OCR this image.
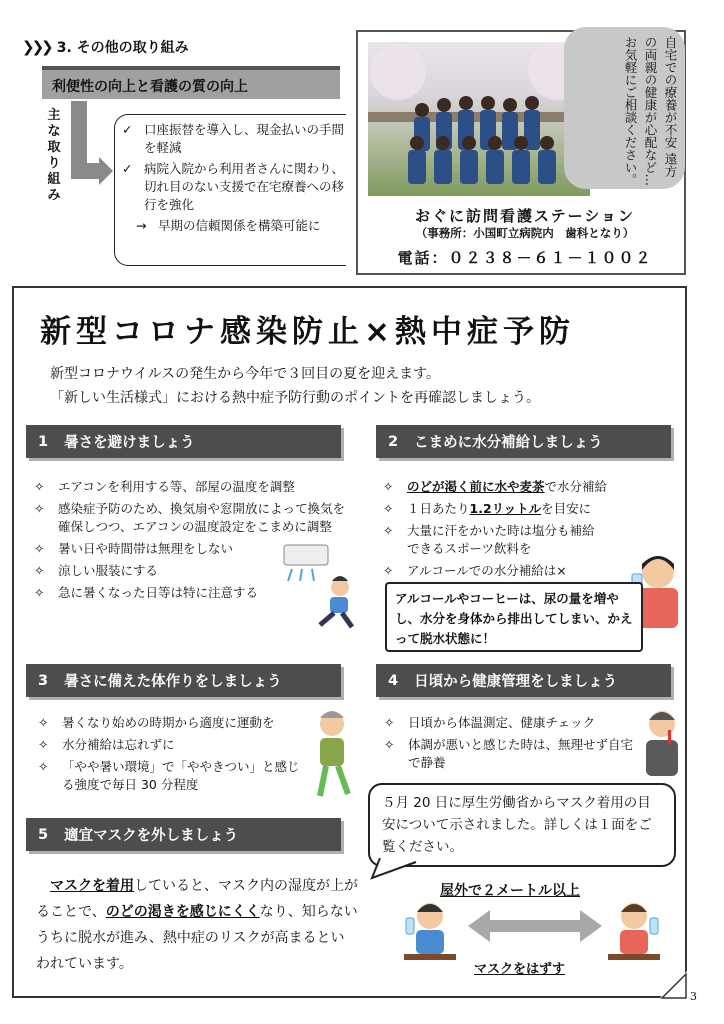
❯❯❯ 3. その他の取り組み
利便性の向上と看護の質の向上
主な取り組み
✓ 口座振替を導入し、現金払いの手間を軽減
✓ 病院入院から利用者さんに関わり、切れ目のない支援で在宅療養への移行を強化
→ 早期の信頼関係を構築可能に
自宅での療養が不安 遠方の両親の健康が心配など… お気軽にご相談ください。
おぐに訪問看護ステーション
（事務所：小国町立病院内　歯科となり）
電話：０２３８－６１－１００２
新型コロナ感染防止×熱中症予防
新型コロナウイルスの発生から今年で３回目の夏を迎えます。
「新しい生活様式」における熱中症予防行動のポイントを再確認しましょう。
1 暑さを避けましょう
✧ エアコンを利用する等、部屋の温度を調整
✧ 感染症予防のため、換気扇や窓開放によって換気を確保しつつ、エアコンの温度設定をこまめに調整
✧ 暑い日や時間帯は無理をしない
✧ 涼しい服装にする
✧ 急に暑くなった日等は特に注意する
2 こまめに水分補給しましょう
✧ のどが渇く前に水や麦茶で水分補給
✧ １日あたり1.2リットルを目安に
✧ 大量に汗をかいた時は塩分も補給できるスポーツ飲料を
✧ アルコールでの水分補給は×
アルコールやコーヒーは、尿の量を増やし、水分を身体から排出してしまい、かえって脱水状態に！
3 暑さに備えた体作りをしましょう
✧ 暑くなり始めの時期から適度に運動を
✧ 水分補給は忘れずに
✧ 「やや暑い環境」で「ややきつい」と感じる強度で毎日 30 分程度
4 日頃から健康管理をしましょう
✧ 日頃から体温測定、健康チェック
✧ 体調が悪いと感じた時は、無理せず自宅で静養
５月 20 日に厚生労働省からマスク着用の目安について示されました。詳しくは１面をご覧ください。
5 適宜マスクを外しましょう
マスクを着用していると、マスク内の湿度が上がることで、のどの渇きを感じにくくなり、知らないうちに脱水が進み、熱中症のリスクが高まるといわれています。
屋外で２メートル以上
マスクをはずす
3
